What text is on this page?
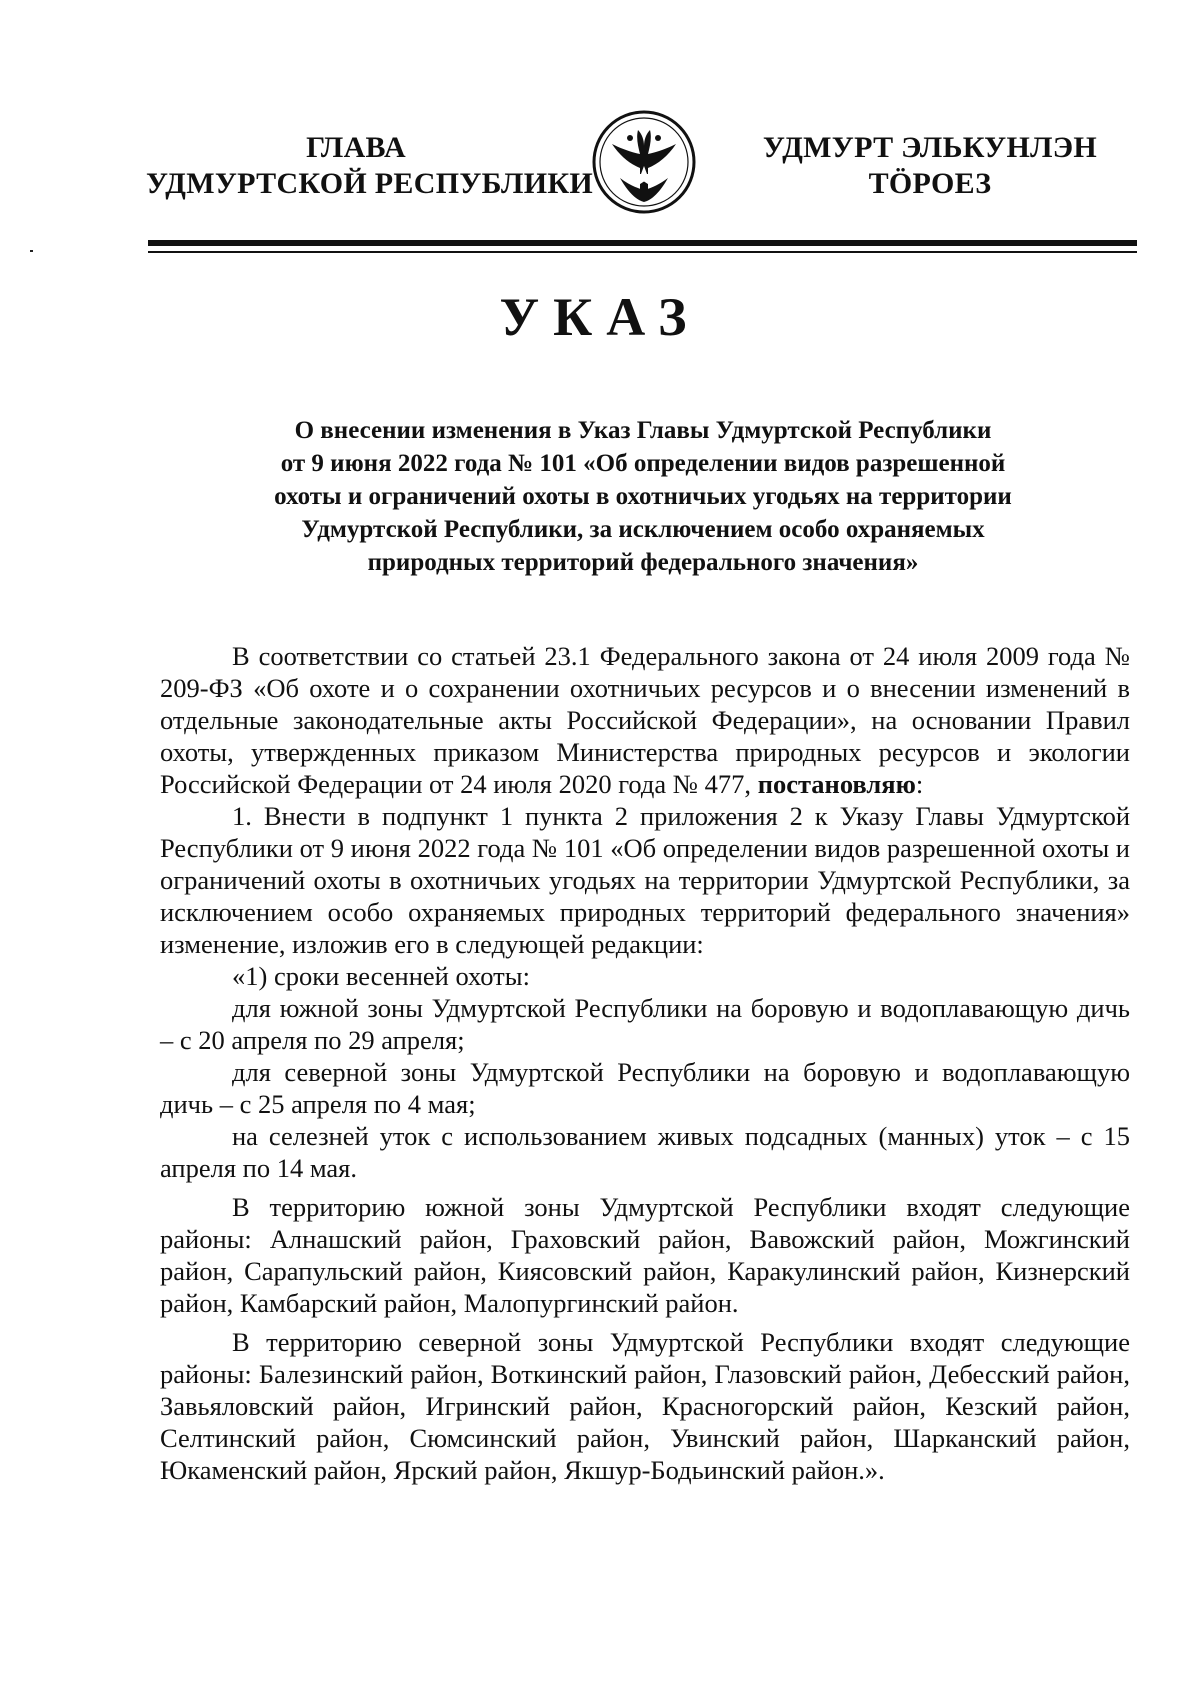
ГЛАВА
УДМУРТСКОЙ РЕСПУБЛИКИ
УДМУРТ ЭЛЬКУНЛЭН
ТӦРОЕЗ
УКАЗ
О внесении изменения в Указ Главы Удмуртской Республики
от 9 июня 2022 года № 101 «Об определении видов разрешенной
охоты и ограничений охоты в охотничьих угодьях на территории
Удмуртской Республики, за исключением особо охраняемых
природных территорий федерального значения»

В соответствии со статьей 23.1 Федерального закона от 24 июля 2009 года № 209-ФЗ «Об охоте и о сохранении охотничьих ресурсов и о внесении изменений в отдельные законодательные акты Российской Федерации», на основании Правил охоты, утвержденных приказом Министерства природных ресурсов и экологии Российской Федерации от 24 июля 2020 года № 477, постановляю:

1. Внести в подпункт 1 пункта 2 приложения 2 к Указу Главы Удмуртской Республики от 9 июня 2022 года № 101 «Об определении видов разрешенной охоты и ограничений охоты в охотничьих угодьях на территории Удмуртской Республики, за исключением особо охраняемых природных территорий федерального значения» изменение, изложив его в следующей редакции:

«1) сроки весенней охоты:

для южной зоны Удмуртской Республики на боровую и водоплавающую дичь – с 20 апреля по 29 апреля;

для северной зоны Удмуртской Республики на боровую и водоплавающую дичь – с 25 апреля по 4 мая;

на селезней уток с использованием живых подсадных (манных) уток – с 15 апреля по 14 мая.

В территорию южной зоны Удмуртской Республики входят следующие районы: Алнашский район, Граховский район, Вавожский район, Можгинский район, Сарапульский район, Киясовский район, Каракулинский район, Кизнерский район, Камбарский район, Малопургинский район.

В территорию северной зоны Удмуртской Республики входят следующие районы: Балезинский район, Воткинский район, Глазовский район, Дебесский район, Завьяловский район, Игринский район, Красногорский район, Кезский район, Селтинский район, Сюмсинский район, Увинский район, Шарканский район, Юкаменский район, Ярский район, Якшур-Бодьинский район.».
